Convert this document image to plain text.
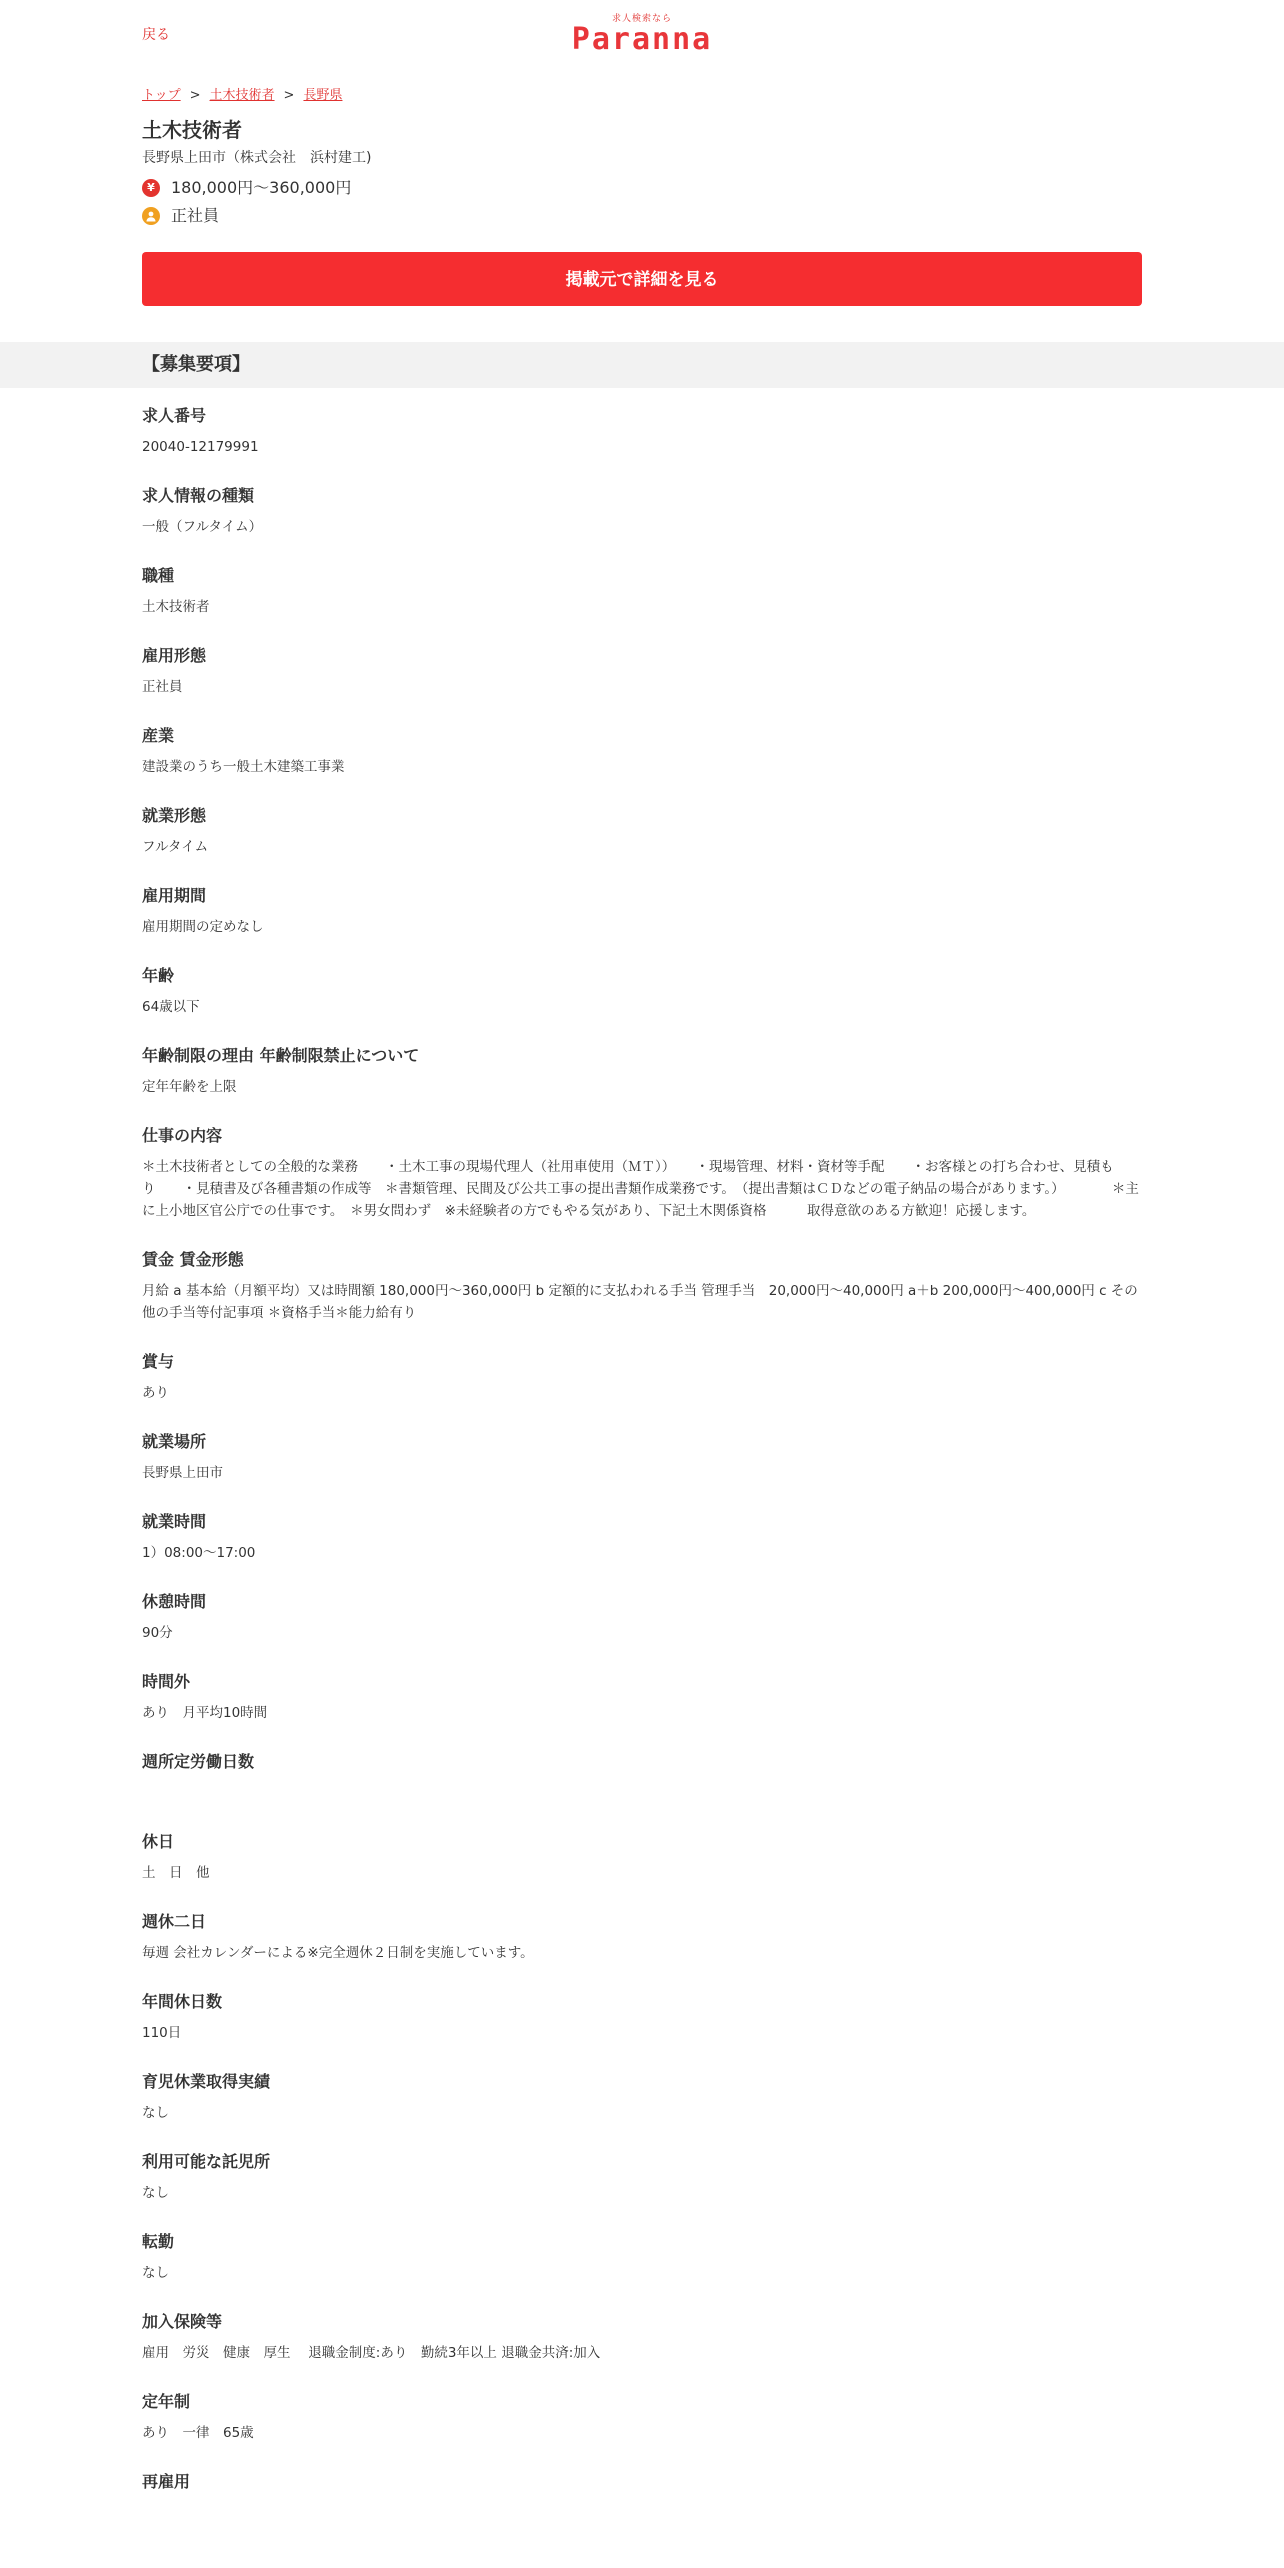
戻る
求人検索なら
Paranna
トップ > 土木技術者 > 長野県
土木技術者
長野県上田市（株式会社　浜村建工)
¥	180,000円～360,000円
正社員
掲載元で詳細を見る
【募集要項】
求人番号
20040-12179991
求人情報の種類
一般（フルタイム）
職種
土木技術者
雇用形態
正社員
産業
建設業のうち一般土木建築工事業
就業形態
フルタイム
雇用期間
雇用期間の定めなし
年齢
64歳以下
年齢制限の理由 年齢制限禁止について
定年年齢を上限
仕事の内容
＊土木技術者としての全般的な業務　　・土木工事の現場代理人（社用車使用（ＭＴ））　　・現場管理、材料・資材等手配　　・お客様との打ち合わせ、見積もり　　・見積書及び各種書類の作成等　＊書類管理、民間及び公共工事の提出書類作成業務です。　（提出書類はＣＤなどの電子納品の場合があります。）　　　　＊主に上小地区官公庁での仕事です。　＊男女問わず　※未経験者の方でもやる気があり、下記土木関係資格　　　取得意欲のある方歓迎！応援します。
賃金 賃金形態
月給 a 基本給（月額平均）又は時間額 180,000円～360,000円 b 定額的に支払われる手当 管理手当　20,000円～40,000円 a＋b 200,000円～400,000円 c その他の手当等付記事項 ＊資格手当＊能力給有り
賞与
あり
就業場所
長野県上田市
就業時間
1）08:00～17:00
休憩時間
90分
時間外
あり　月平均10時間
週所定労働日数
休日
土　日　他
週休二日
毎週 会社カレンダーによる※完全週休２日制を実施しています。
年間休日数
110日
育児休業取得実績
なし
利用可能な託児所
なし
転勤
なし
加入保険等
雇用　労災　健康　厚生　 退職金制度:あり　勤続3年以上 退職金共済:加入
定年制
あり　一律　65歳
再雇用
